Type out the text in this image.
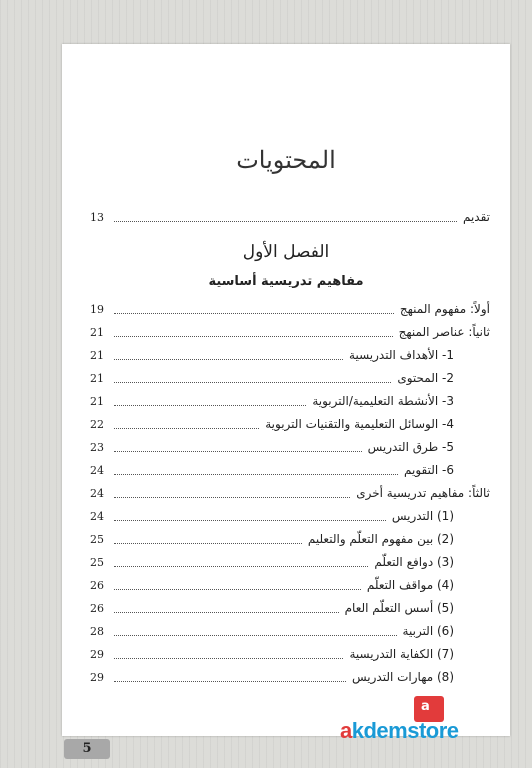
المحتويات
تقديم
13
الفصل الأول
مفاهيم تدريسية أساسية
أولاً: مفهوم المنهج
19
ثانياً: عناصر المنهج
21
1- الأهداف التدريسية
21
2- المحتوى
21
3- الأنشطة التعليمية/التربوية
21
4- الوسائل التعليمية والتقنيات التربوية
22
5- طرق التدريس
23
6- التقويم
24
ثالثاً: مفاهيم تدريسية أخرى
24
(1) التدريس
24
(2) بين مفهوم التعلّم والتعليم
25
(3) دوافع التعلّم
25
(4) مواقف التعلّم
26
(5) أسس التعلّم العام
26
(6) التربية
28
(7) الكفاية التدريسية
29
(8) مهارات التدريس
29
5
a
akdemstore
